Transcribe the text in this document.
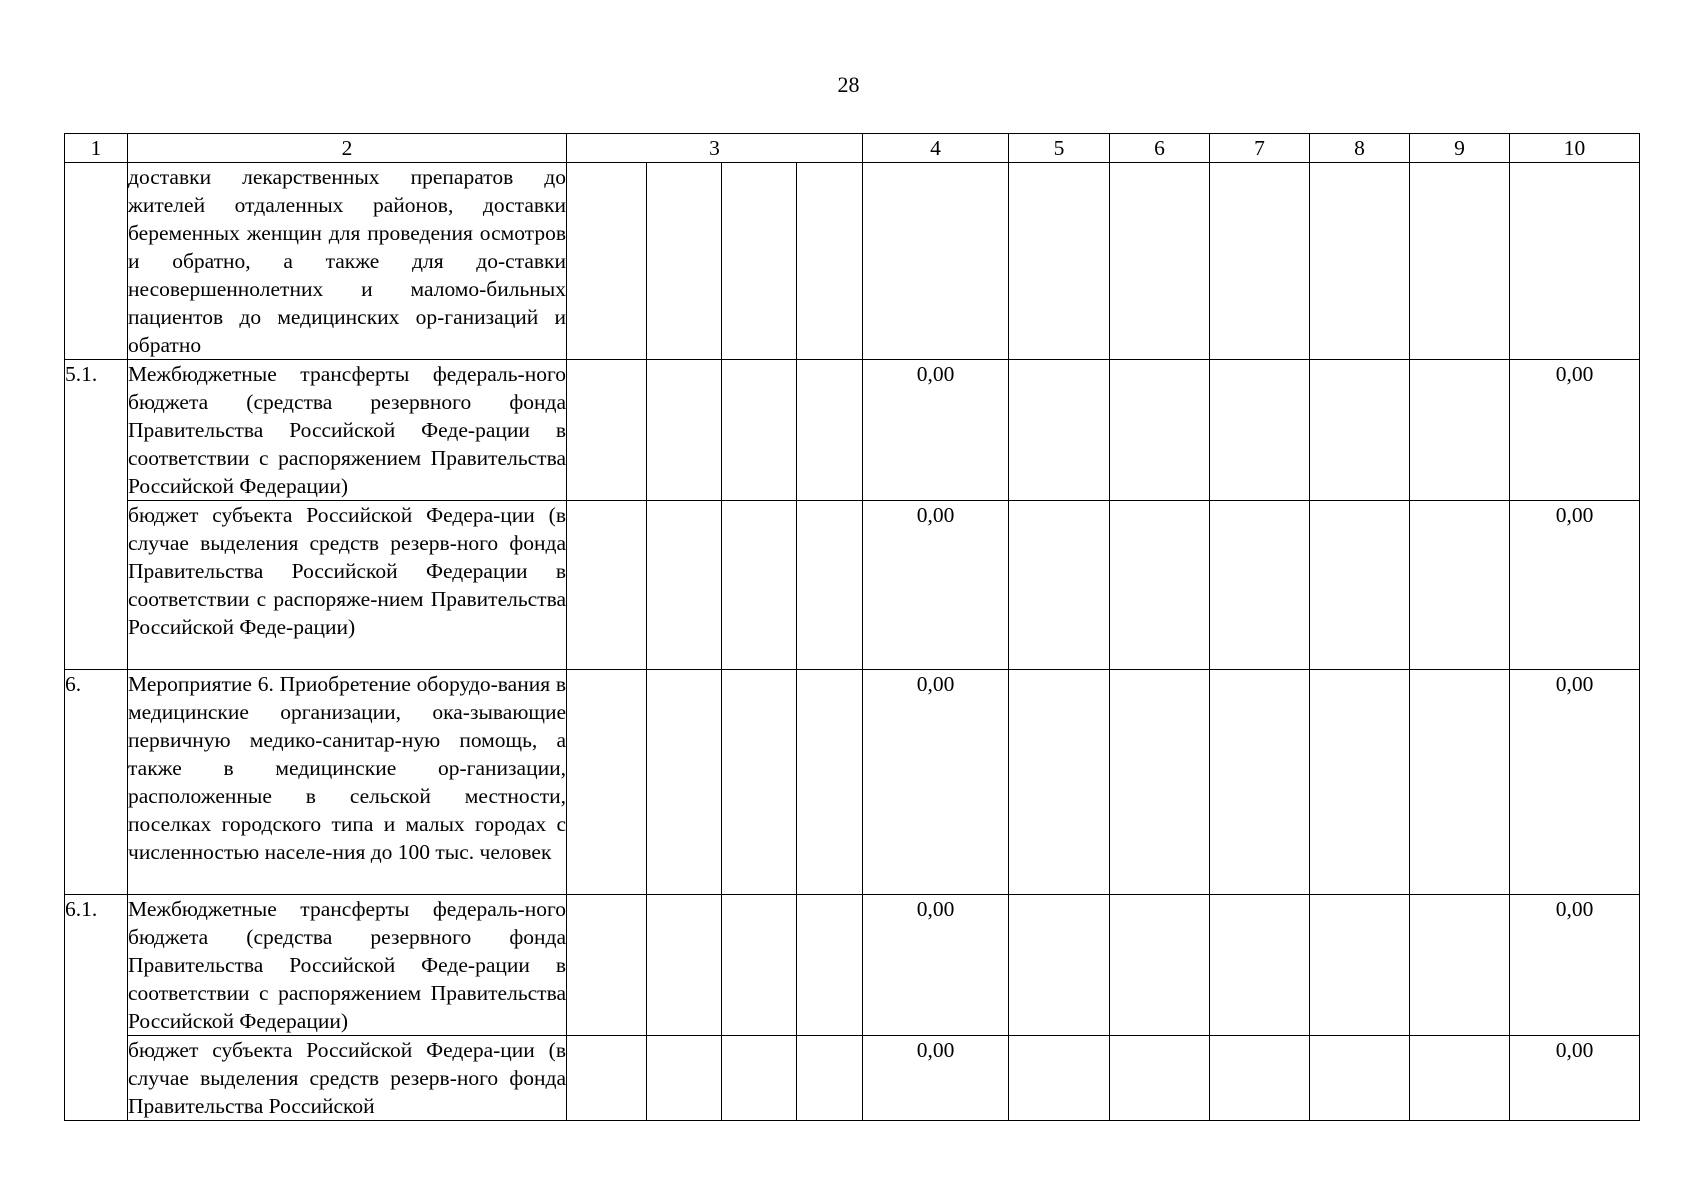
28
1	2	3				4	5	6	7	8	9	10
	доставки лекарственных препаратов до жителей отдаленных районов, доставки беременных женщин для проведения осмотров и обратно, а также для до-ставки несовершеннолетних и маломо-бильных пациентов до медицинских ор-ганизаций и обратно											
5.1.	Межбюджетные трансферты федераль-ного бюджета (средства резервного фонда Правительства Российской Феде-рации в соответствии с распоряжением Правительства Российской Федерации)					0,00						0,00
	бюджет субъекта Российской Федера-ции (в случае выделения средств резерв-ного фонда Правительства Российской Федерации в соответствии с распоряже-нием Правительства Российской Феде-рации)					0,00						0,00
6.	Мероприятие 6. Приобретение оборудо-вания в медицинские организации, ока-зывающие первичную медико-санитар-ную помощь, а также в медицинские ор-ганизации, расположенные в сельской местности, поселках городского типа и малых городах с численностью населе-ния до 100 тыс. человек					0,00						0,00
6.1.	Межбюджетные трансферты федераль-ного бюджета (средства резервного фонда Правительства Российской Феде-рации в соответствии с распоряжением Правительства Российской Федерации)					0,00						0,00
	бюджет субъекта Российской Федера-ции (в случае выделения средств резерв-ного фонда Правительства Российской					0,00						0,00
